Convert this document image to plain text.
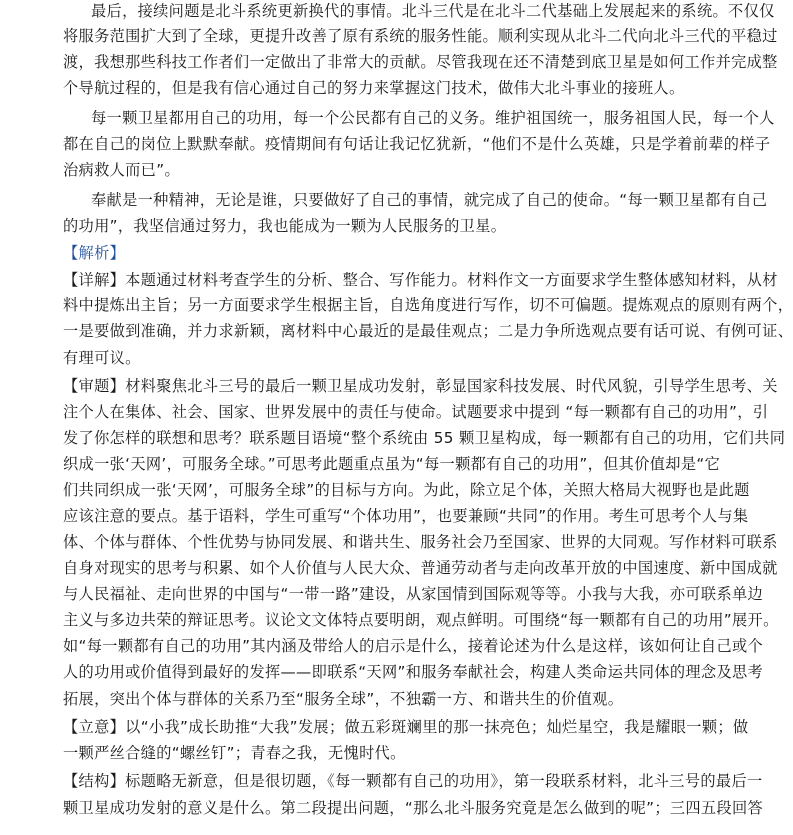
最后，接续问题是北斗系统更新换代的事情。北斗三代是在北斗二代基础上发展起来的系统。不仅仅
将服务范围扩大到了全球，更提升改善了原有系统的服务性能。顺利实现从北斗二代向北斗三代的平稳过
渡，我想那些科技工作者们一定做出了非常大的贡献。尽管我现在还不清楚到底卫星是如何工作并完成整
个导航过程的，但是我有信心通过自己的努力来掌握这门技术，做伟大北斗事业的接班人。
每一颗卫星都用自己的功用，每一个公民都有自己的义务。维护祖国统一，服务祖国人民，每一个人
都在自己的岗位上默默奉献。疫情期间有句话让我记忆犹新，“他们不是什么英雄，只是学着前辈的样子
治病救人而已”。
奉献是一种精神，无论是谁，只要做好了自己的事情，就完成了自己的使命。“每一颗卫星都有自己
的功用”，我坚信通过努力，我也能成为一颗为人民服务的卫星。
【解析】
【详解】本题通过材料考查学生的分析、整合、写作能力。材料作文一方面要求学生整体感知材料，从材
料中提炼出主旨；另一方面要求学生根据主旨，自选角度进行写作，切不可偏题。提炼观点的原则有两个，
一是要做到准确，并力求新颖，离材料中心最近的是最佳观点；二是力争所选观点要有话可说、有例可证、
有理可议。
【审题】材料聚焦北斗三号的最后一颗卫星成功发射，彰显国家科技发展、时代风貌，引导学生思考、关
注个人在集体、社会、国家、世界发展中的责任与使命。试题要求中提到 “每一颗都有自己的功用”，引
发了你怎样的联想和思考？联系题目语境“整个系统由 55 颗卫星构成，每一颗都有自己的功用，它们共同
织成一张‘天网’，可服务全球。”可思考此题重点虽为“每一颗都有自己的功用”，但其价值却是“它
们共同织成一张‘天网’，可服务全球”的目标与方向。为此，除立足个体，关照大格局大视野也是此题
应该注意的要点。基于语料，学生可重写“个体功用”，也要兼顾“共同”的作用。考生可思考个人与集
体、个体与群体、个性优势与协同发展、和谐共生、服务社会乃至国家、世界的大同观。写作材料可联系
自身对现实的思考与积累、如个人价值与人民大众、普通劳动者与走向改革开放的中国速度、新中国成就
与人民福祉、走向世界的中国与“一带一路”建设，从家国情到国际观等等。小我与大我，亦可联系单边
主义与多边共荣的辩证思考。议论文文体特点要明朗，观点鲜明。可围绕“每一颗都有自己的功用”展开。
如“每一颗都有自己的功用”其内涵及带给人的启示是什么，接着论述为什么是这样，该如何让自己或个
人的功用或价值得到最好的发挥——即联系“天网”和服务奉献社会，构建人类命运共同体的理念及思考
拓展，突出个体与群体的关系乃至“服务全球”，不独霸一方、和谐共生的价值观。
【立意】以“小我”成长助推“大我”发展；做五彩斑斓里的那一抹亮色；灿烂星空，我是耀眼一颗；做
一颗严丝合缝的“螺丝钉”；青春之我，无愧时代。
【结构】标题略无新意，但是很切题，《每一颗都有自己的功用》，第一段联系材料，北斗三号的最后一
颗卫星成功发射的意义是什么。第二段提出问题，“那么北斗服务究竟是怎么做到的呢”；三四五段回答
